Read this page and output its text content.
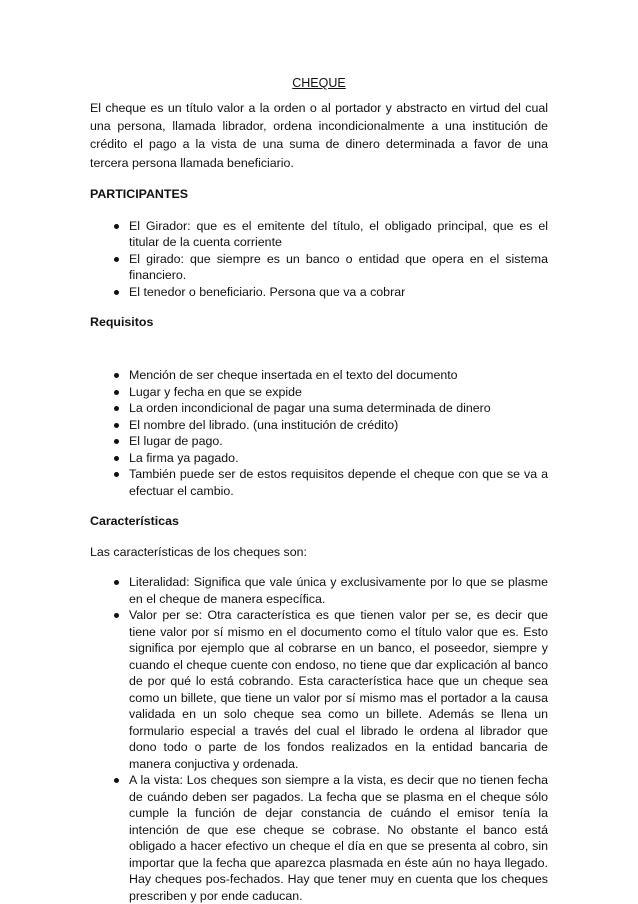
CHEQUE

El cheque es un título valor a la orden o al portador y abstracto en virtud del cual una persona, llamada librador, ordena incondicionalmente a una institución de crédito el pago a la vista de una suma de dinero determinada a favor de una tercera persona llamada beneficiario.

PARTICIPANTES
El Girador: que es el emitente del título, el obligado principal, que es el titular de la cuenta corriente
El girado: que siempre es un banco o entidad que opera en el sistema financiero.
El tenedor o beneficiario. Persona que va a cobrar
Requisitos
Mención de ser cheque insertada en el texto del documento
Lugar y fecha en que se expide
La orden incondicional de pagar una suma determinada de dinero
El nombre del librado. (una institución de crédito)
El lugar de pago.
La firma ya pagado.
También puede ser de estos requisitos depende el cheque con que se va a efectuar el cambio.
Características

Las características de los cheques son:

Literalidad: Significa que vale única y exclusivamente por lo que se plasme en el cheque de manera específica.
Valor per se: Otra característica es que tienen valor per se, es decir que tiene valor por sí mismo en el documento como el título valor que es. Esto significa por ejemplo que al cobrarse en un banco, el poseedor, siempre y cuando el cheque cuente con endoso, no tiene que dar explicación al banco de por qué lo está cobrando. Esta característica hace que un cheque sea como un billete, que tiene un valor por sí mismo mas el portador a la causa validada en un solo cheque sea como un billete. Además se llena un formulario especial a través del cual el librado le ordena al librador que dono todo o parte de los fondos realizados en la entidad bancaria de manera conjuctiva y ordenada.
A la vista: Los cheques son siempre a la vista, es decir que no tienen fecha de cuándo deben ser pagados. La fecha que se plasma en el cheque sólo cumple la función de dejar constancia de cuándo el emisor tenía la intención de que ese cheque se cobrase. No obstante el banco está obligado a hacer efectivo un cheque el día en que se presenta al cobro, sin importar que la fecha que aparezca plasmada en éste aún no haya llegado. Hay cheques pos-fechados. Hay que tener muy en cuenta que los cheques prescriben y por ende caducan.
